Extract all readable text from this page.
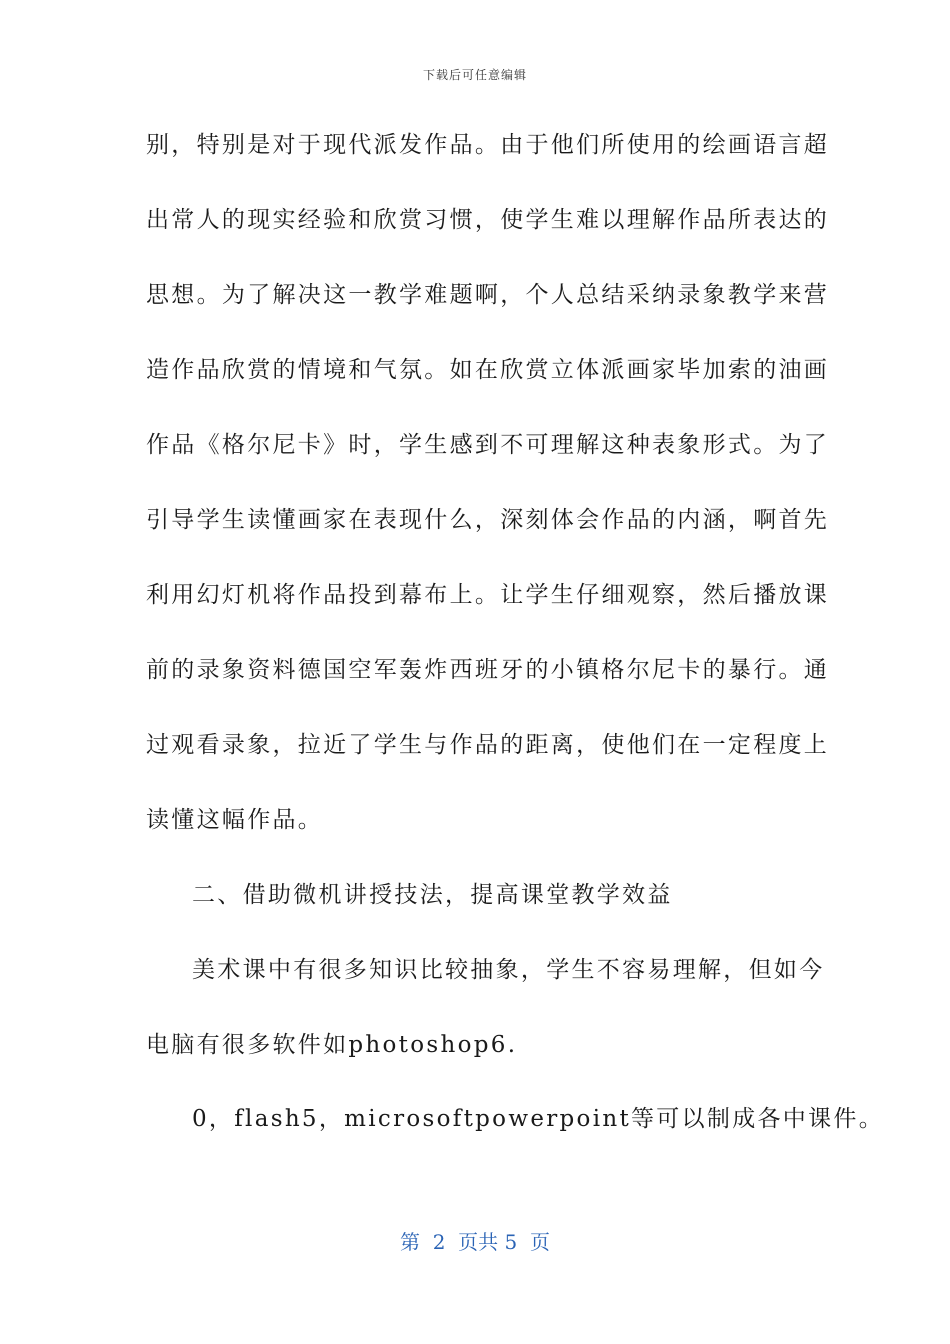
下载后可任意编辑
别，特别是对于现代派发作品。由于他们所使用的绘画语言超
出常人的现实经验和欣赏习惯，使学生难以理解作品所表达的
思想。为了解决这一教学难题啊，个人总结采纳录象教学来营
造作品欣赏的情境和气氛。如在欣赏立体派画家毕加索的油画
作品《格尔尼卡》时，学生感到不可理解这种表象形式。为了
引导学生读懂画家在表现什么，深刻体会作品的内涵，啊首先
利用幻灯机将作品投到幕布上。让学生仔细观察，然后播放课
前的录象资料德国空军轰炸西班牙的小镇格尔尼卡的暴行。通
过观看录象，拉近了学生与作品的距离，使他们在一定程度上
读懂这幅作品。
二、借助微机讲授技法，提高课堂教学效益
美术课中有很多知识比较抽象，学生不容易理解，但如今
电脑有很多软件如photoshop6.
0，flash5，microsoftpowerpoint等可以制成各中课件。
第  2  页共 5  页
